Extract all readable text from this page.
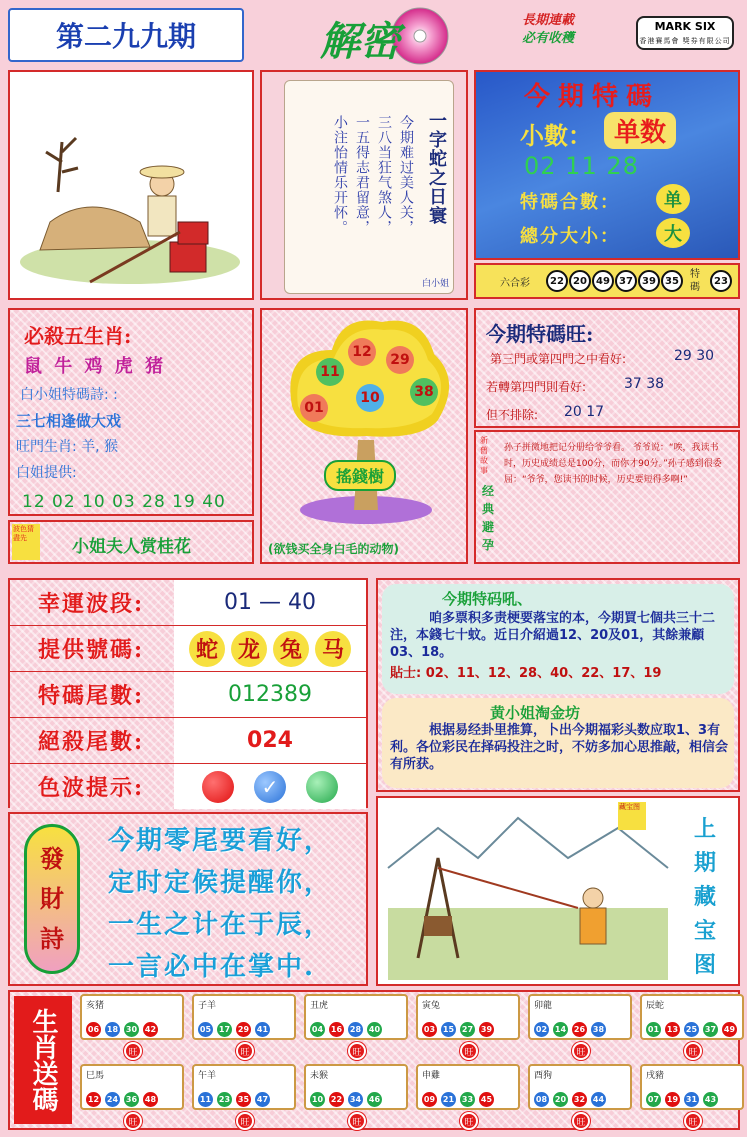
第二九九期	解密	長期連載
必有收穫
MARK SIX
香港賽馬會 獎券有限公司
一字蛇之日寰
今期难过美人关，
三八当狂气煞人，
一五得志君留意，
小注怡情乐开怀。
白小姐
今期特碼
小數： 单数
02 11 28
特碼合數：	单
總分大小：	大
六合彩	22 20 49 37 39 35
特碼
23
必殺五生肖:
鼠 牛 鸡 虎 猪
白小姐特碼詩: :
三七相逢做大戏
旺門生肖: 羊, 猴
白姐提供:
12 02 10 03 28 19 40
波色猜盡先	小姐夫人赏桂花
12	29
11
10	38
01
搖錢樹
(欲钱买全身白毛的动物)
今期特碼旺:
第三門或第四門之中看好:	29 30
若轉第四門則看好:	37 38
但不排除: 20 17
新舊故事
经典避孕
孙子拼微地把记分册给爷爷看。 爷爷说：“唉，我读书时，历史成绩总是100分，而你才90分。”孙子感到很委屈：“爷爷，您读书的时候，历史要短得多啊!”
幸運波段:	01 — 40
提供號碼:	蛇 龙 兔 马
特碼尾數:	012389
絕殺尾數:	024
色波提示:	✓
今期特码吼、
咱多票积多责梗要落宝的本，今期買七個共三十二注，本錢七十蚊。近日介紹過12、20及01，其餘兼顧03、18。
貼士: 02、11、12、28、40、22、17、19
黄小姐淘金坊
根据易经卦里推算，卜出今期福彩头数应取1、3有利。各位彩民在择码投注之时，不妨多加心思推敲，相信会有所获。
藏宝图
上期藏宝图
發財詩
今期零尾要看好，
定时定候提醒你，
一生之计在于辰，
一言必中在掌中.
生肖送碼
亥猪
06 18 30 42
旺
子羊
05 17 29 41
旺
丑虎
04 16 28 40
旺
寅兔
03 15 27 39
旺
卯龍
02 14 26 38
旺
辰蛇
01 13 25 37 49
旺
巳馬
12 24 36 48
旺
午羊
11 23 35 47
旺
未猴
10 22 34 46
旺
申雞
09 21 33 45
旺
酉狗
08 20 32 44
旺
戌豬
07 19 31 43
旺
